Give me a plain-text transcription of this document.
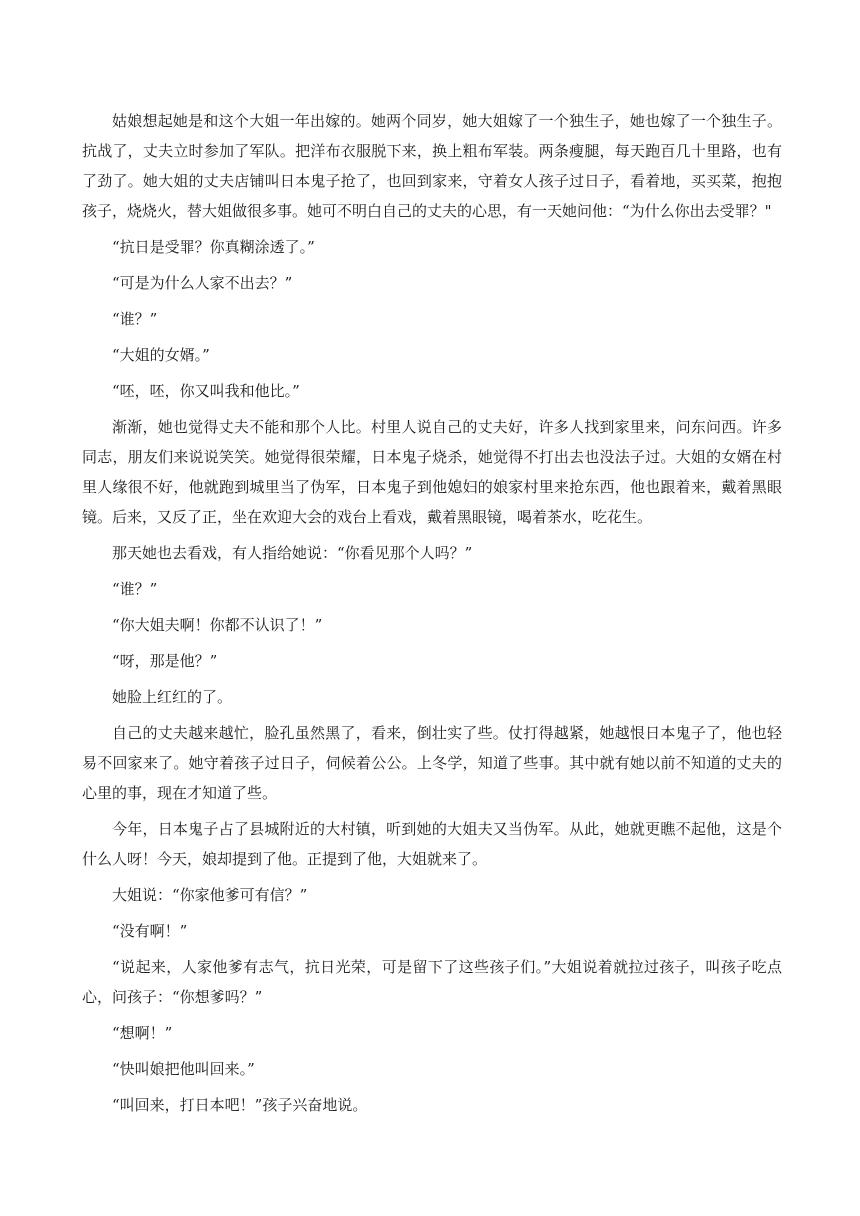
姑娘想起她是和这个大姐一年出嫁的。她两个同岁，她大姐嫁了一个独生子，她也嫁了一个独生子。抗战了，丈夫立时参加了军队。把洋布衣服脱下来，换上粗布军装。两条瘦腿，每天跑百几十里路，也有了劲了。她大姐的丈夫店铺叫日本鬼子抢了，也回到家来，守着女人孩子过日子，看着地，买买菜，抱抱孩子，烧烧火，替大姐做很多事。她可不明白自己的丈夫的心思，有一天她问他：“为什么你出去受罪？"

“抗日是受罪？你真糊涂透了。”

“可是为什么人家不出去？”

“谁？”

“大姐的女婿。”

“呸，呸，你又叫我和他比。”

渐渐，她也觉得丈夫不能和那个人比。村里人说自己的丈夫好，许多人找到家里来，问东问西。许多同志，朋友们来说说笑笑。她觉得很荣耀，日本鬼子烧杀，她觉得不打出去也没法子过。大姐的女婿在村里人缘很不好，他就跑到城里当了伪军，日本鬼子到他媳妇的娘家村里来抢东西，他也跟着来，戴着黑眼镜。后来，又反了正，坐在欢迎大会的戏台上看戏，戴着黑眼镜，喝着茶水，吃花生。

那天她也去看戏，有人指给她说：“你看见那个人吗？”

“谁？”

“你大姐夫啊！你都不认识了！”

“呀，那是他？”

她脸上红红的了。

自己的丈夫越来越忙，脸孔虽然黑了，看来，倒壮实了些。仗打得越紧，她越恨日本鬼子了，他也轻易不回家来了。她守着孩子过日子，伺候着公公。上冬学，知道了些事。其中就有她以前不知道的丈夫的心里的事，现在才知道了些。

今年，日本鬼子占了县城附近的大村镇，听到她的大姐夫又当伪军。从此，她就更瞧不起他，这是个什么人呀！今天，娘却提到了他。正提到了他，大姐就来了。

大姐说：“你家他爹可有信？”

“没有啊！”

“说起来，人家他爹有志气，抗日光荣，可是留下了这些孩子们。”大姐说着就拉过孩子，叫孩子吃点心，问孩子：“你想爹吗？”

“想啊！”

“快叫娘把他叫回来。”

“叫回来，打日本吧！”孩子兴奋地说。
